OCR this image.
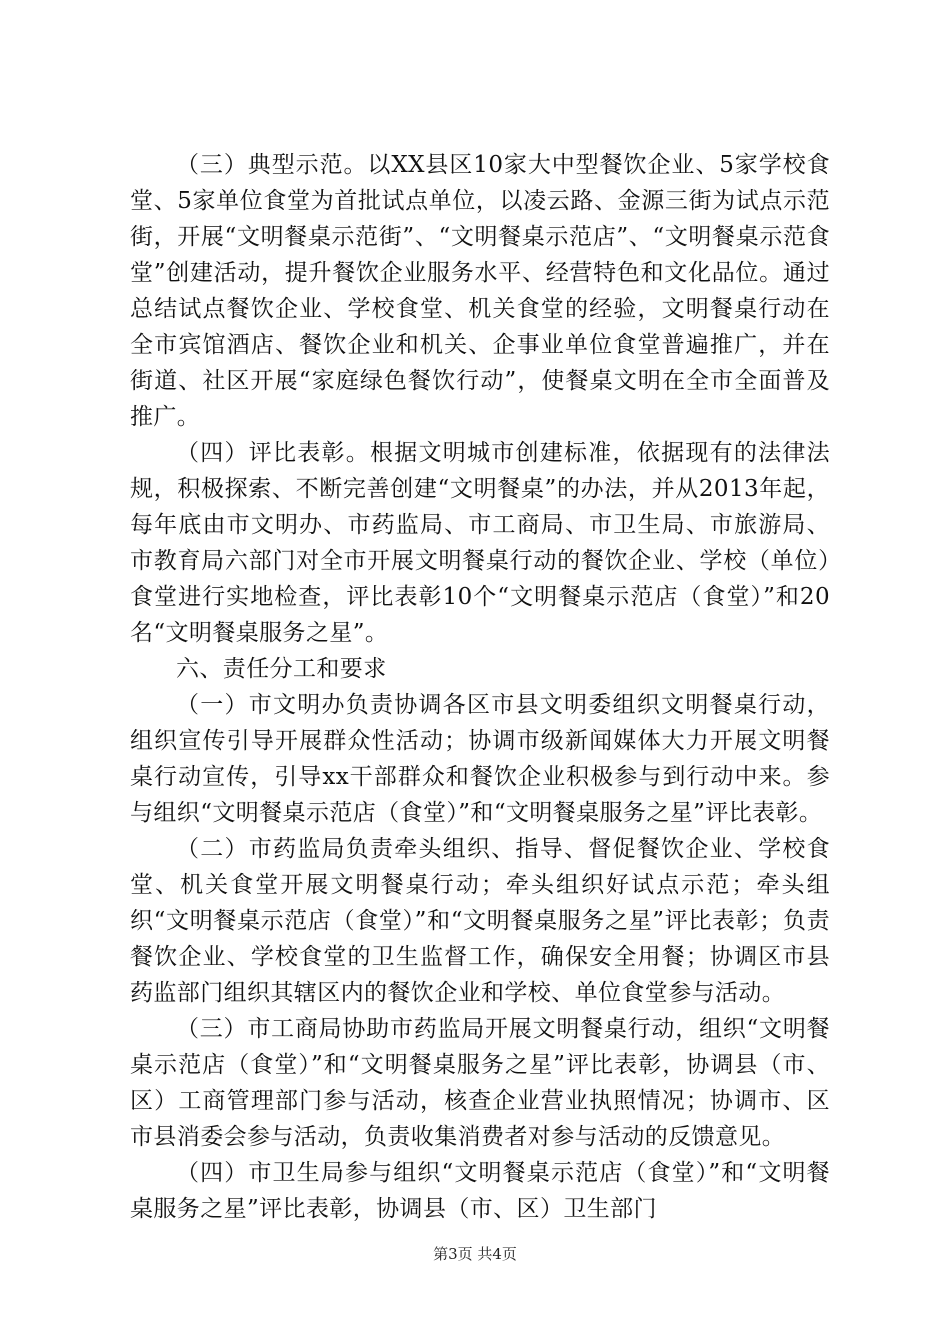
（三）典型示范。以XX县区10家大中型餐饮企业、5家学校食堂、5家单位食堂为首批试点单位，以凌云路、金源三街为试点示范街，开展“文明餐桌示范街”、“文明餐桌示范店”、“文明餐桌示范食堂”创建活动，提升餐饮企业服务水平、经营特色和文化品位。通过总结试点餐饮企业、学校食堂、机关食堂的经验，文明餐桌行动在全市宾馆酒店、餐饮企业和机关、企事业单位食堂普遍推广，并在街道、社区开展“家庭绿色餐饮行动”，使餐桌文明在全市全面普及推广。

（四）评比表彰。根据文明城市创建标准，依据现有的法律法规，积极探索、不断完善创建“文明餐桌”的办法，并从2013年起，每年底由市文明办、市药监局、市工商局、市卫生局、市旅游局、市教育局六部门对全市开展文明餐桌行动的餐饮企业、学校（单位）食堂进行实地检查，评比表彰10个“文明餐桌示范店（食堂）”和20名“文明餐桌服务之星”。

六、责任分工和要求

（一）市文明办负责协调各区市县文明委组织文明餐桌行动，组织宣传引导开展群众性活动；协调市级新闻媒体大力开展文明餐桌行动宣传，引导xx干部群众和餐饮企业积极参与到行动中来。参与组织“文明餐桌示范店（食堂）”和“文明餐桌服务之星”评比表彰。

（二）市药监局负责牵头组织、指导、督促餐饮企业、学校食堂、机关食堂开展文明餐桌行动；牵头组织好试点示范；牵头组织“文明餐桌示范店（食堂）”和“文明餐桌服务之星”评比表彰；负责餐饮企业、学校食堂的卫生监督工作，确保安全用餐；协调区市县药监部门组织其辖区内的餐饮企业和学校、单位食堂参与活动。

（三）市工商局协助市药监局开展文明餐桌行动，组织“文明餐桌示范店（食堂）”和“文明餐桌服务之星”评比表彰，协调县（市、区）工商管理部门参与活动，核查企业营业执照情况；协调市、区市县消委会参与活动，负责收集消费者对参与活动的反馈意见。

（四）市卫生局参与组织“文明餐桌示范店（食堂）”和“文明餐桌服务之星”评比表彰，协调县（市、区）卫生部门

第3页 共4页
